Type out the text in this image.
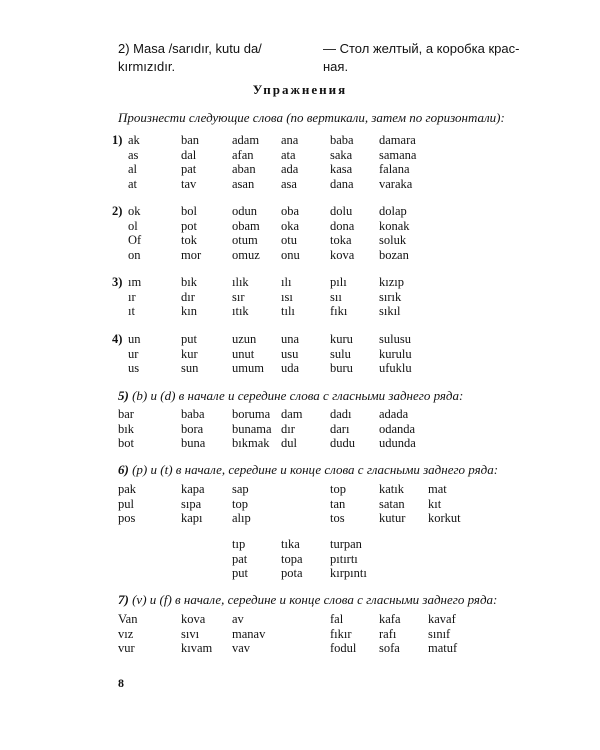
2) Masa /sarıdır, kutu da/
kırmızıdır.
— Стол желтый, а коробка крас-
ная.
Упражнения
Произнести следующие слова (по вертикали, затем по горизонтали):
1) ak
as
al
at
ban
dal
pat
tav
adam
afan
aban
asan
ana
ata
ada
asa
baba
saka
kasa
dana
damara
samana
falana
varaka
2) ok
ol
Of
on
bol
pot
tok
mor
odun
obam
otum
omuz
oba
oka
otu
onu
dolu
dona
toka
kova
dolap
konak
soluk
bozan
3) ım
ır
ıt
bık
dır
kın
ılık
sır
ıtık
ılı
ısı
tılı
pılı
sıı
fıkı
kızıp
sırık
sıkıl
4) un
ur
us
put
kur
sun
uzun
unut
umum
una
usu
uda
kuru
sulu
buru
sulusu
kurulu
ufuklu
bar
bık
bot
baba
bora
buna
boruma
bunama
bıkmak
dam
dır
dul
dadı
darı
dudu
adada
odanda
udunda
pak
pul
pos
kapa
sıpa
kapı
sap
top
alıp
top
tan
tos
katık
satan
kutur
mat
kıt
korkut
tıp
pat
put
tıka
topa
pota
turpan
pıtırtı
kırpıntı
Van
vız
vur
kova
sıvı
kıvam
av
manav
vav
fal
fıkır
fodul
kafa
rafı
sofa
kavaf
sınıf
matuf
5) (b) и (d) в начале и середине слова с гласными заднего ряда:
6) (p) и (t) в начале, середине и конце слова с гласными заднего ряда:
7) (v) и (f) в начале, середине и конце слова с гласными заднего ряда:
8
